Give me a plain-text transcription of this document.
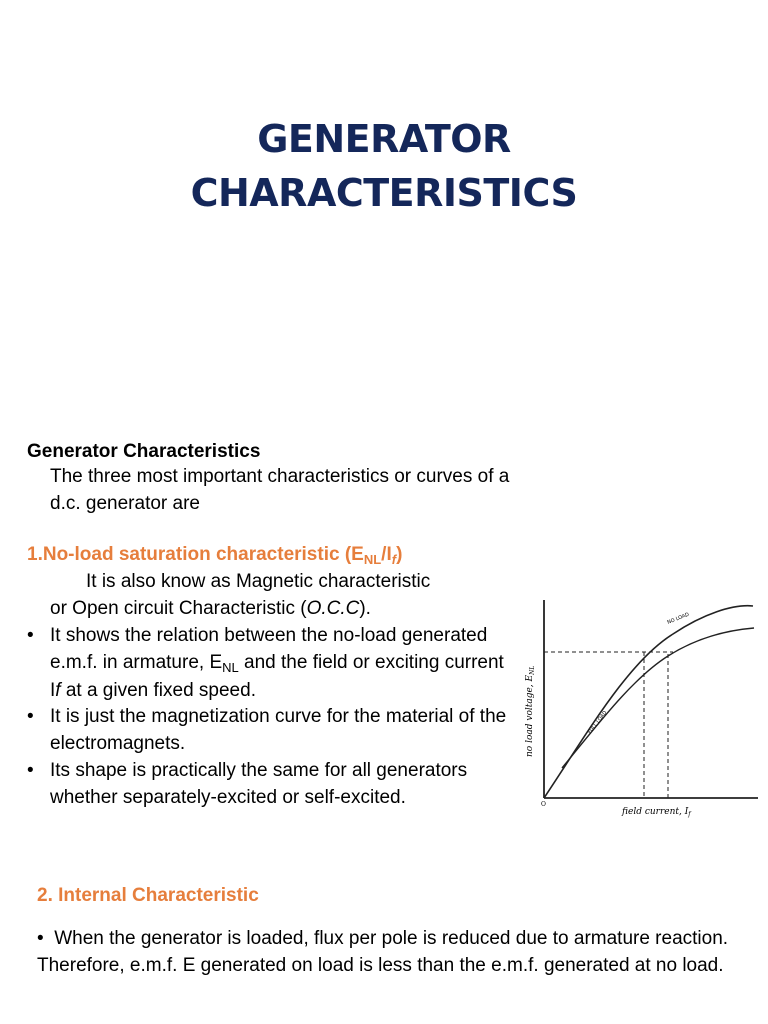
GENERATOR
CHARACTERISTICS

Generator Characteristics

The three most important characteristics or curves of a d.c. generator are

1.No-load saturation characteristic $(E_{NL}/I_f)$

It is also know as Magnetic characteristic

or Open circuit Characteristic (O.C.C).

• It shows the relation between the no-load generated e.m.f. in armature, $E_{NL}$ and the field or exciting current If at a given fixed speed.
• It is just the magnetization curve for the material of the electromagnets.
• Its shape is practically the same for all generators whether separately-excited or self-excited.	O
NO LOAD
FULL LOAD
no load voltage, $E_{NL}$
field current, $I_f$

2. Internal Characteristic

• When the generator is loaded, flux per pole is reduced due to armature reaction. Therefore, e.m.f. E generated on load is less than the e.m.f. generated at no load.
